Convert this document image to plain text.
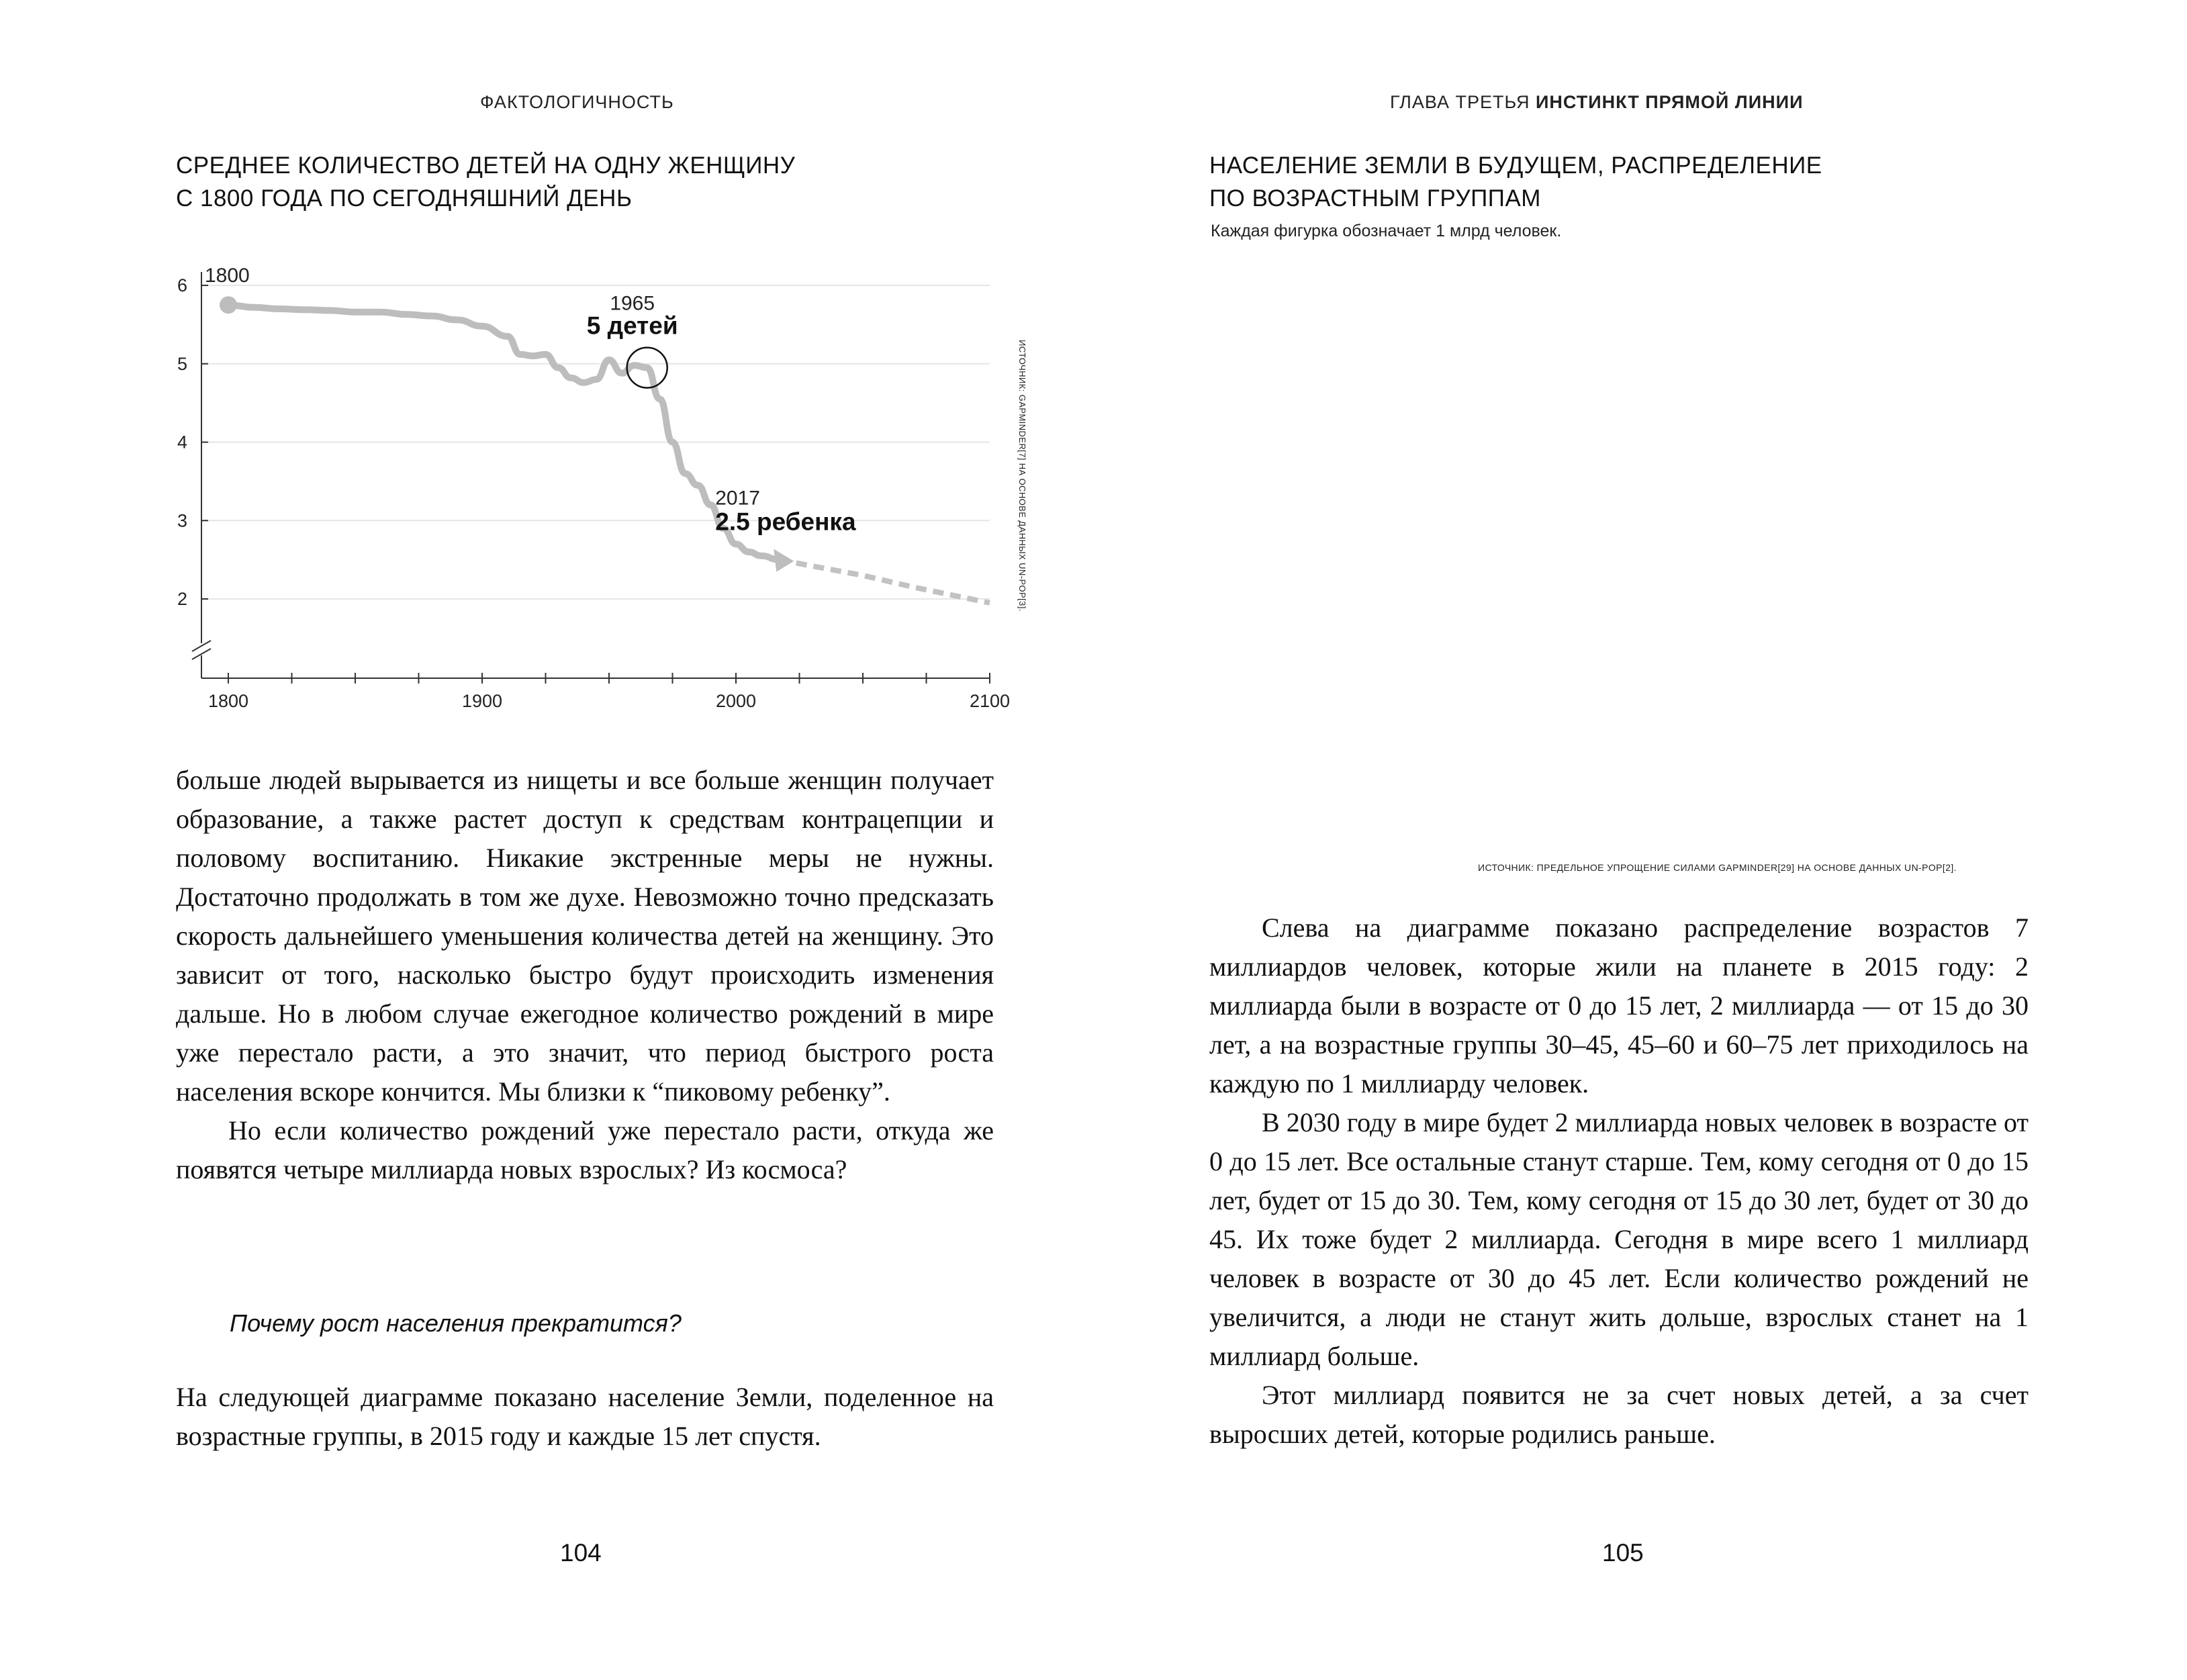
ФАКТОЛОГИЧНОСТЬ
СРЕДНЕЕ КОЛИЧЕСТВО ДЕТЕЙ НА ОДНУ ЖЕНЩИНУ
С 1800 ГОДА ПО СЕГОДНЯШНИЙ ДЕНЬ
2
3
4
5
6
1800	1900	2000	2100
1800
1965
5 детей
2017
2.5 ребенка	ИСТОЧНИК: GAPMINDER[7] НА ОСНОВЕ ДАННЫХ UN-POP[3].

больше людей вырывается из нищеты и все больше женщин получает образование, а также растет доступ к средствам контрацепции и половому воспитанию. Никакие экстренные меры не нужны. Достаточно продолжать в том же духе. Невозможно точно предсказать скорость дальнейшего уменьшения количества детей на женщину. Это зависит от того, насколько быстро будут происходить изменения дальше. Но в любом случае ежегодное количество рождений в мире уже перестало расти, а это значит, что период быстрого роста населения вскоре кончится. Мы близки к “пиковому ребенку”.

Но если количество рождений уже перестало расти, откуда же появятся четыре миллиарда новых взрослых? Из космоса?

Почему рост населения прекратится?

На следующей диаграмме показано население Земли, поделенное на возрастные группы, в 2015 году и каждые 15 лет спустя.

104
ГЛАВА ТРЕТЬЯ ИНСТИНКТ ПРЯМОЙ ЛИНИИ
НАСЕЛЕНИЕ ЗЕМЛИ В БУДУЩЕМ, РАСПРЕДЕЛЕНИЕ
ПО ВОЗРАСТНЫМ ГРУППАМ
Каждая фигурка обозначает 1 млрд человек.
ИСТОЧНИК: ПРЕДЕЛЬНОЕ УПРОЩЕНИЕ СИЛАМИ GAPMINDER[29] НА ОСНОВЕ ДАННЫХ UN-POP[2].

Слева на диаграмме показано распределение возрастов 7 миллиардов человек, которые жили на планете в 2015 году: 2 миллиарда были в возрасте от 0 до 15 лет, 2 миллиарда — от 15 до 30 лет, а на возрастные группы 30–45, 45–60 и 60–75 лет приходилось на каждую по 1 миллиарду человек.

В 2030 году в мире будет 2 миллиарда новых человек в возрасте от 0 до 15 лет. Все остальные станут старше. Тем, кому сегодня от 0 до 15 лет, будет от 15 до 30. Тем, кому сегодня от 15 до 30 лет, будет от 30 до 45. Их тоже будет 2 миллиарда. Сегодня в мире всего 1 миллиард человек в возрасте от 30 до 45 лет. Если количество рождений не увеличится, а люди не станут жить дольше, взрослых станет на 1 миллиард больше.

Этот миллиард появится не за счет новых детей, а за счет выросших детей, которые родились раньше.

105
